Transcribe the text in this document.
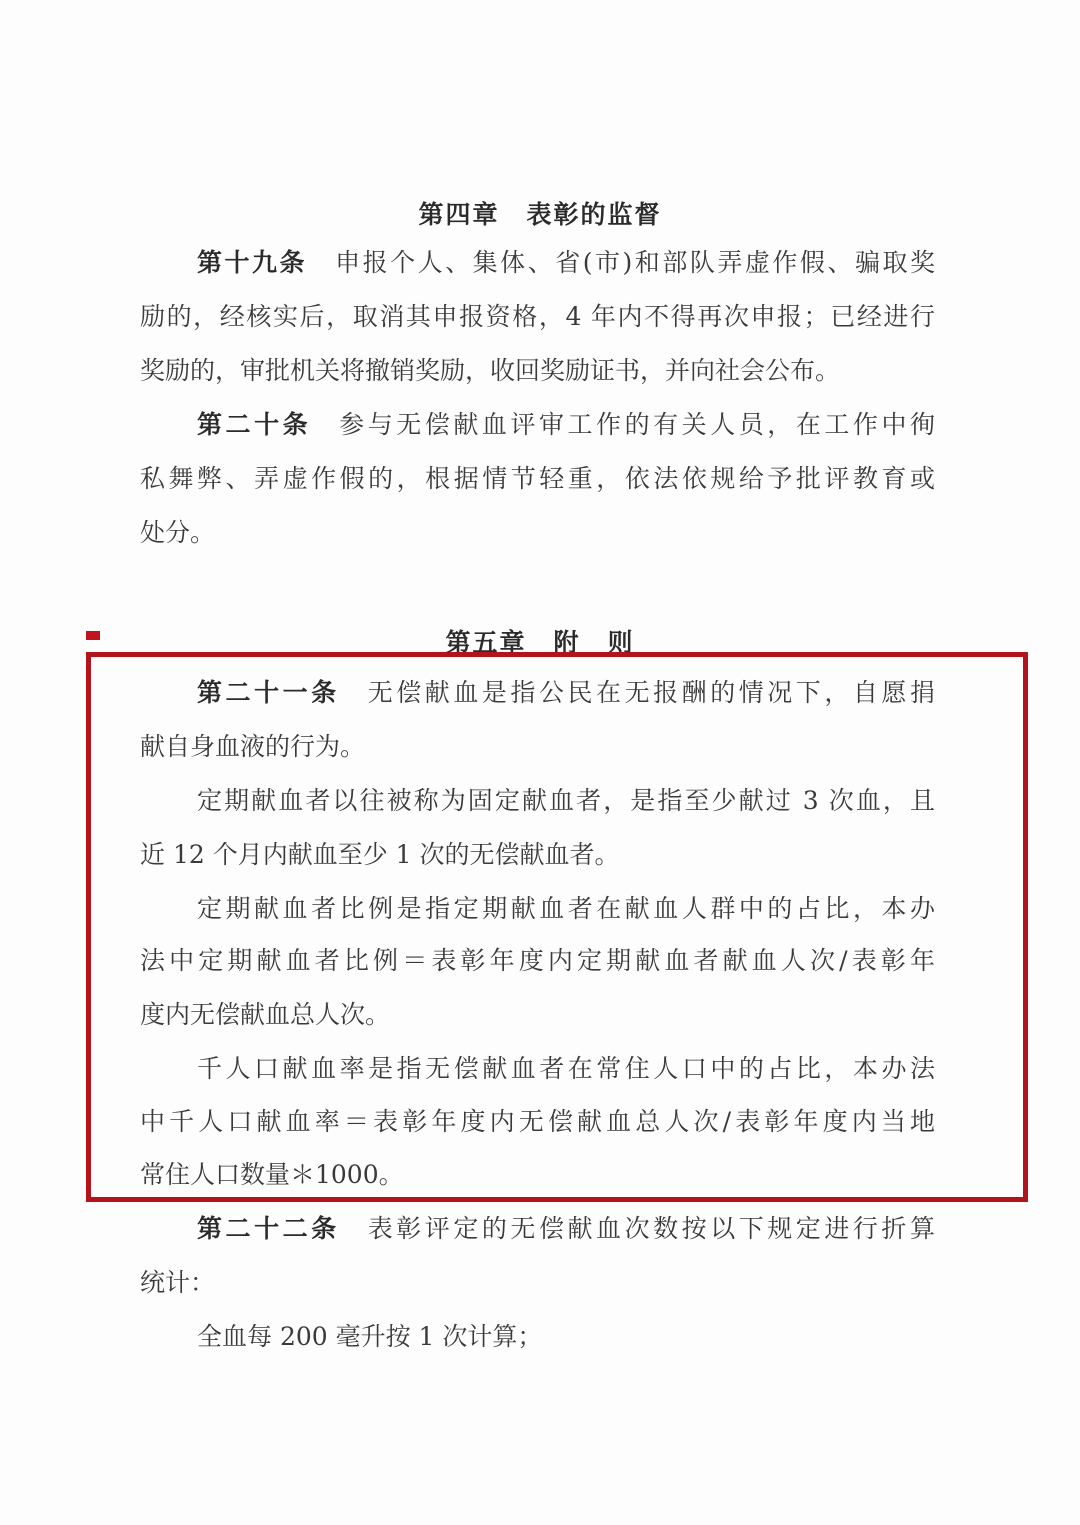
第四章　表彰的监督
第十九条 申报个人、集体、省(市)和部队弄虚作假、骗取奖
励的，经核实后，取消其申报资格，4 年内不得再次申报；已经进行
奖励的，审批机关将撤销奖励，收回奖励证书，并向社会公布。
第二十条 参与无偿献血评审工作的有关人员，在工作中徇
私舞弊、弄虚作假的，根据情节轻重，依法依规给予批评教育或
处分。
第五章　附　则
第二十一条 无偿献血是指公民在无报酬的情况下，自愿捐
献自身血液的行为。
定期献血者以往被称为固定献血者，是指至少献过 3 次血，且
近 12 个月内献血至少 1 次的无偿献血者。
定期献血者比例是指定期献血者在献血人群中的占比，本办
法中定期献血者比例＝表彰年度内定期献血者献血人次/表彰年
度内无偿献血总人次。
千人口献血率是指无偿献血者在常住人口中的占比，本办法
中千人口献血率＝表彰年度内无偿献血总人次/表彰年度内当地
常住人口数量＊1000。
第二十二条 表彰评定的无偿献血次数按以下规定进行折算
统计：
全血每 200 毫升按 1 次计算；
